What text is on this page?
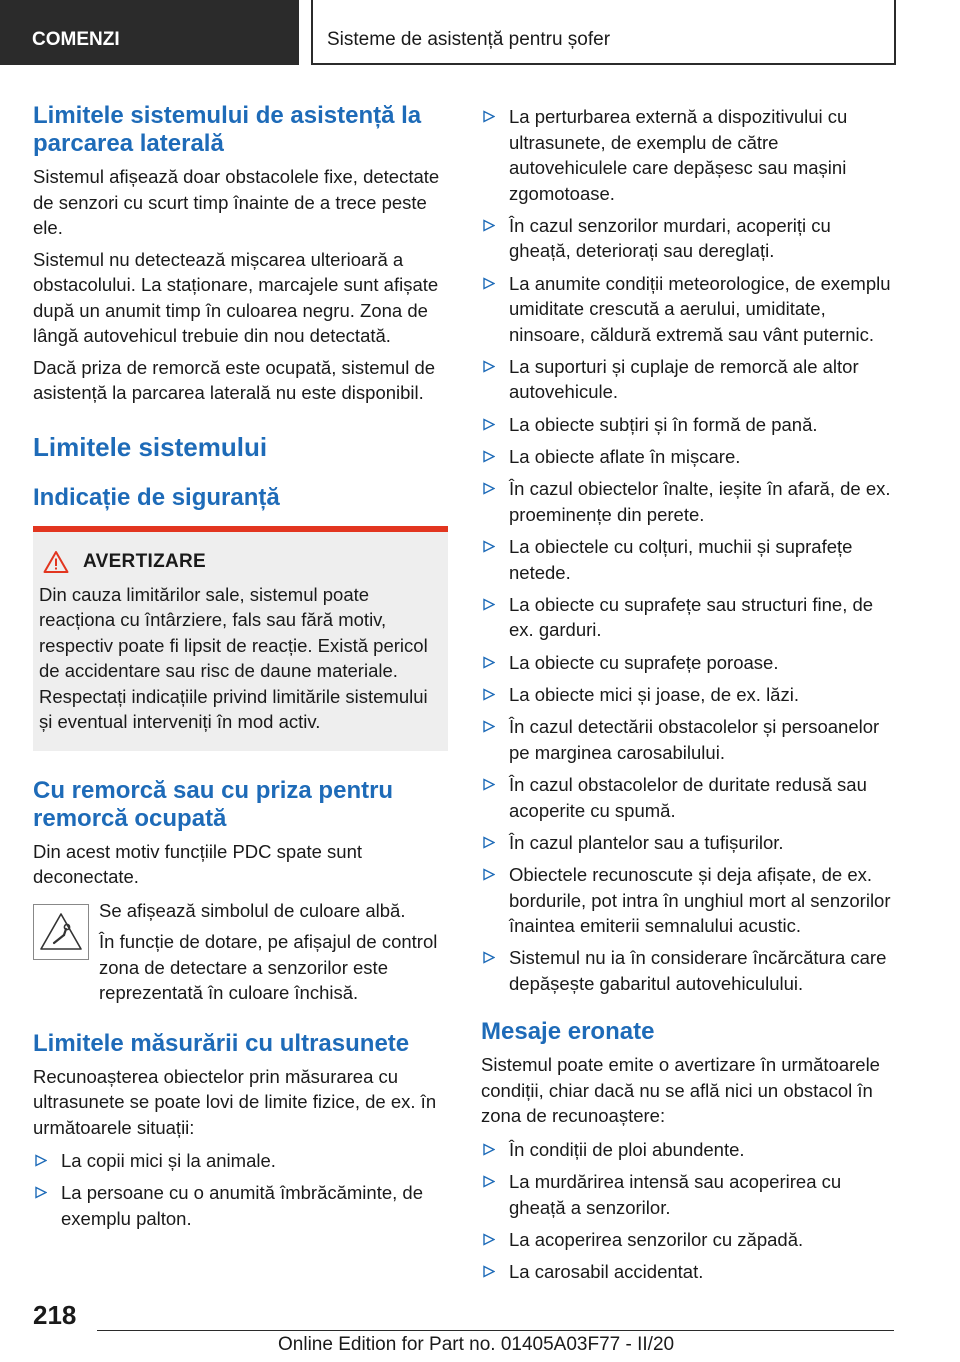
COMENZI	Sisteme de asistență pentru șofer
Limitele sistemului de asistență la parcarea laterală
Sistemul afișează doar obstacolele fixe, detectate de senzori cu scurt timp înainte de a trece peste ele.
Sistemul nu detectează mișcarea ulterioară a obstacolului. La staționare, marcajele sunt afișate după un anumit timp în culoarea negru. Zona de lângă autovehicul trebuie din nou detectată.
Dacă priza de remorcă este ocupată, sistemul de asistență la parcarea laterală nu este disponibil.
Limitele sistemului
Indicație de siguranță
AVERTIZARE
Din cauza limitărilor sale, sistemul poate reacționa cu întârziere, fals sau fără motiv, respectiv poate fi lipsit de reacție. Există pericol de accidentare sau risc de daune materiale. Respectați indicațiile privind limitările sistemului și eventual interveniți în mod activ.
Cu remorcă sau cu priza pentru remorcă ocupată
Din acest motiv funcțiile PDC spate sunt deconectate.
Se afișează simbolul de culoare albă.
În funcție de dotare, pe afișajul de control zona de detectare a senzorilor este reprezentată în culoare închisă.
Limitele măsurării cu ultrasunete
Recunoașterea obiectelor prin măsurarea cu ultrasunete se poate lovi de limite fizice, de ex. în următoarele situații:
La copii mici și la animale.
La persoane cu o anumită îmbrăcăminte, de exemplu palton.
La perturbarea externă a dispozitivului cu ultrasunete, de exemplu de către autovehiculele care depășesc sau mașini zgomotoase.
În cazul senzorilor murdari, acoperiți cu gheață, deteriorați sau dereglați.
La anumite condiții meteorologice, de exemplu umiditate crescută a aerului, umiditate, ninsoare, căldură extremă sau vânt puternic.
La suporturi și cuplaje de remorcă ale altor autovehicule.
La obiecte subțiri și în formă de pană.
La obiecte aflate în mișcare.
În cazul obiectelor înalte, ieșite în afară, de ex. proeminențe din perete.
La obiectele cu colțuri, muchii și suprafețe netede.
La obiecte cu suprafețe sau structuri fine, de ex. garduri.
La obiecte cu suprafețe poroase.
La obiecte mici și joase, de ex. lăzi.
În cazul detectării obstacolelor și persoanelor pe marginea carosabilului.
În cazul obstacolelor de duritate redusă sau acoperite cu spumă.
În cazul plantelor sau a tufișurilor.
Obiectele recunoscute și deja afișate, de ex. bordurile, pot intra în unghiul mort al senzorilor înaintea emiterii semnalului acustic.
Sistemul nu ia în considerare încărcătura care depășește gabaritul autovehiculului.
Mesaje eronate
Sistemul poate emite o avertizare în următoarele condiții, chiar dacă nu se află nici un obstacol în zona de recunoaștere:
În condiții de ploi abundente.
La murdărirea intensă sau acoperirea cu gheață a senzorilor.
La acoperirea senzorilor cu zăpadă.
La carosabil accidentat.
218
Online Edition for Part no. 01405A03F77 - II/20
